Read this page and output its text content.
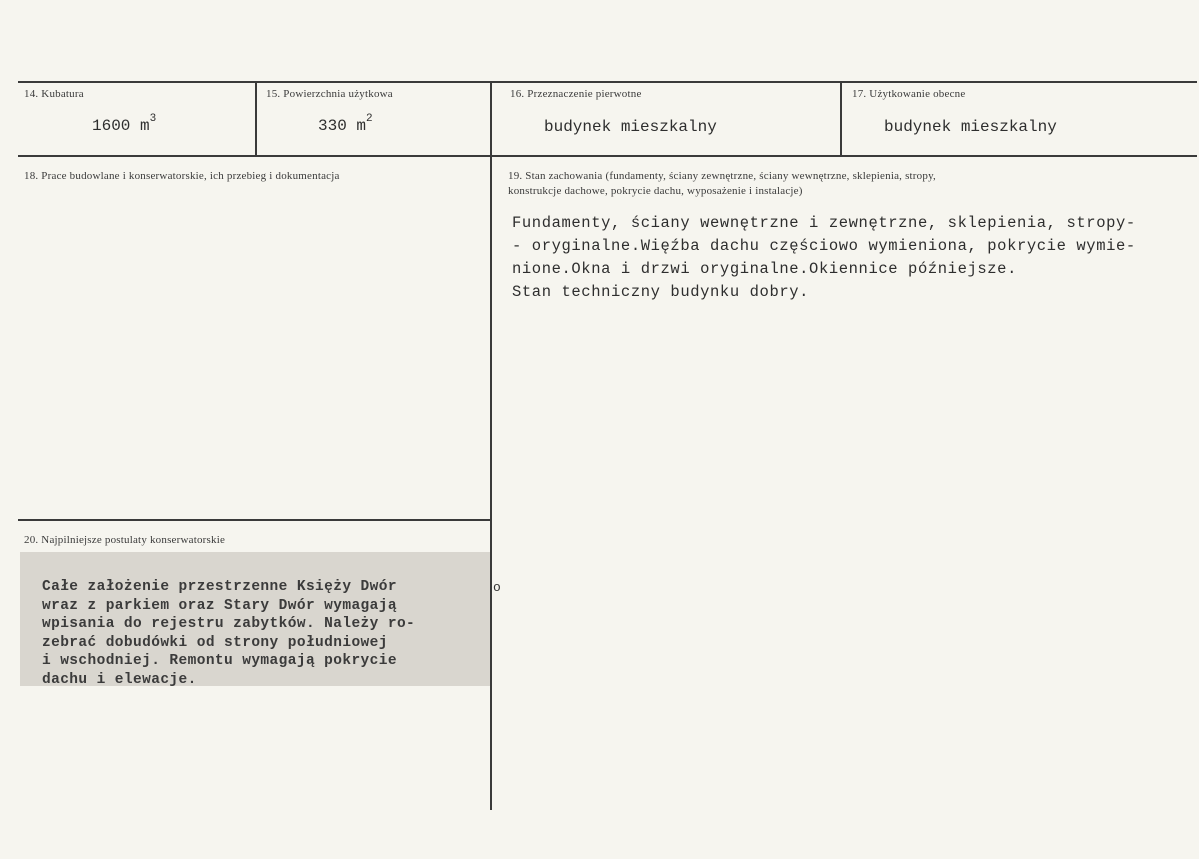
14. Kubatura
1600 $m^3$
15. Powierzchnia użytkowa
330 $m^2$
16. Przeznaczenie pierwotne
budynek mieszkalny
17. Użytkowanie obecne
budynek mieszkalny
18. Prace budowlane i konserwatorskie, ich przebieg i dokumentacja	19. Stan zachowania (fundamenty, ściany zewnętrzne, ściany wewnętrzne, sklepienia, stropy,
konstrukcje dachowe, pokrycie dachu, wyposażenie i instalacje)
Fundamenty, ściany wewnętrzne i zewnętrzne, sklepienia, stropy-
- oryginalne.Więźba dachu częściowo wymieniona, pokrycie wymie-
nione.Okna i drzwi oryginalne.Okiennice późniejsze.
Stan techniczny budynku dobry.
20. Najpilniejsze postulaty konserwatorskie
Całe założenie przestrzenne Księży Dwór
wraz z parkiem oraz Stary Dwór wymagają
wpisania do rejestru zabytków. Należy ro-
zebrać dobudówki od strony południowej
i wschodniej. Remontu wymagają pokrycie
dachu i elewacje.
o
